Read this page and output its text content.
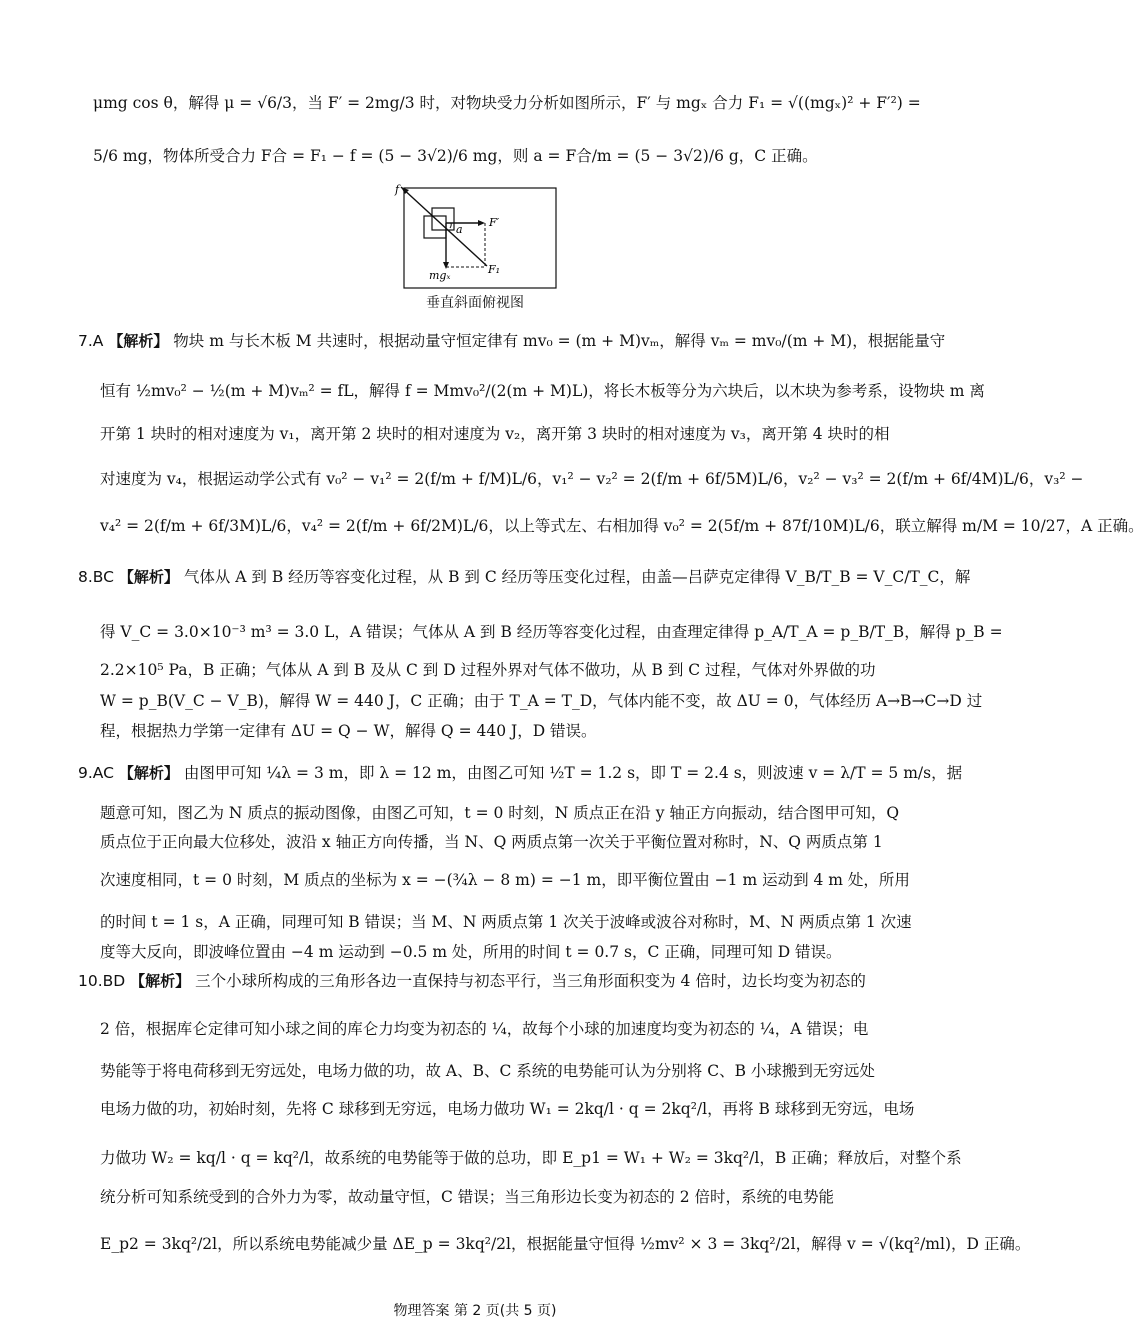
μmg cos θ，解得 μ = √6/3，当 F′ = 2mg/3 时，对物块受力分析如图所示，F′ 与 mgₓ 合力 F₁ = √((mgₓ)² + F′²) =
5/6 mg，物体所受合力 F合 = F₁ − f = (5 − 3√2)/6 mg，则 a = F合/m = (5 − 3√2)/6 g，C 正确。
f
F′
a
mgₓ	F₁
垂直斜面俯视图
7.A 【解析】 物块 m 与长木板 M 共速时，根据动量守恒定律有 mv₀ = (m + M)vₘ，解得 vₘ = mv₀/(m + M)，根据能量守
恒有 ½mv₀² − ½(m + M)vₘ² = fL，解得 f = Mmv₀²/(2(m + M)L)，将长木板等分为六块后，以木块为参考系，设物块 m 离
开第 1 块时的相对速度为 v₁，离开第 2 块时的相对速度为 v₂，离开第 3 块时的相对速度为 v₃，离开第 4 块时的相
对速度为 v₄，根据运动学公式有 v₀² − v₁² = 2(f/m + f/M)L/6，v₁² − v₂² = 2(f/m + 6f/5M)L/6，v₂² − v₃² = 2(f/m + 6f/4M)L/6，v₃² −
v₄² = 2(f/m + 6f/3M)L/6，v₄² = 2(f/m + 6f/2M)L/6，以上等式左、右相加得 v₀² = 2(5f/m + 87f/10M)L/6，联立解得 m/M = 10/27，A 正确。
8.BC 【解析】 气体从 A 到 B 经历等容变化过程，从 B 到 C 经历等压变化过程，由盖—吕萨克定律得 V_B/T_B = V_C/T_C，解
得 V_C = 3.0×10⁻³ m³ = 3.0 L，A 错误；气体从 A 到 B 经历等容变化过程，由查理定律得 p_A/T_A = p_B/T_B，解得 p_B =
2.2×10⁵ Pa，B 正确；气体从 A 到 B 及从 C 到 D 过程外界对气体不做功，从 B 到 C 过程，气体对外界做的功
W = p_B(V_C − V_B)，解得 W = 440 J，C 正确；由于 T_A = T_D，气体内能不变，故 ΔU = 0，气体经历 A→B→C→D 过
程，根据热力学第一定律有 ΔU = Q − W，解得 Q = 440 J，D 错误。
9.AC 【解析】 由图甲可知 ¼λ = 3 m，即 λ = 12 m，由图乙可知 ½T = 1.2 s，即 T = 2.4 s，则波速 v = λ/T = 5 m/s，据
题意可知，图乙为 N 质点的振动图像，由图乙可知，t = 0 时刻，N 质点正在沿 y 轴正方向振动，结合图甲可知，Q
质点位于正向最大位移处，波沿 x 轴正方向传播，当 N、Q 两质点第一次关于平衡位置对称时，N、Q 两质点第 1
次速度相同，t = 0 时刻，M 质点的坐标为 x = −(¾λ − 8 m) = −1 m，即平衡位置由 −1 m 运动到 4 m 处，所用
的时间 t = 1 s，A 正确，同理可知 B 错误；当 M、N 两质点第 1 次关于波峰或波谷对称时，M、N 两质点第 1 次速
度等大反向，即波峰位置由 −4 m 运动到 −0.5 m 处，所用的时间 t = 0.7 s，C 正确，同理可知 D 错误。
10.BD 【解析】 三个小球所构成的三角形各边一直保持与初态平行，当三角形面积变为 4 倍时，边长均变为初态的
2 倍，根据库仑定律可知小球之间的库仑力均变为初态的 ¼，故每个小球的加速度均变为初态的 ¼，A 错误；电
势能等于将电荷移到无穷远处，电场力做的功，故 A、B、C 系统的电势能可认为分别将 C、B 小球搬到无穷远处
电场力做的功，初始时刻，先将 C 球移到无穷远，电场力做功 W₁ = 2kq/l · q = 2kq²/l，再将 B 球移到无穷远，电场
力做功 W₂ = kq/l · q = kq²/l，故系统的电势能等于做的总功，即 E_p1 = W₁ + W₂ = 3kq²/l，B 正确；释放后，对整个系
统分析可知系统受到的合外力为零，故动量守恒，C 错误；当三角形边长变为初态的 2 倍时，系统的电势能
E_p2 = 3kq²/2l，所以系统电势能减少量 ΔE_p = 3kq²/2l，根据能量守恒得 ½mv² × 3 = 3kq²/2l，解得 v = √(kq²/ml)，D 正确。
物理答案 第 2 页(共 5 页)
